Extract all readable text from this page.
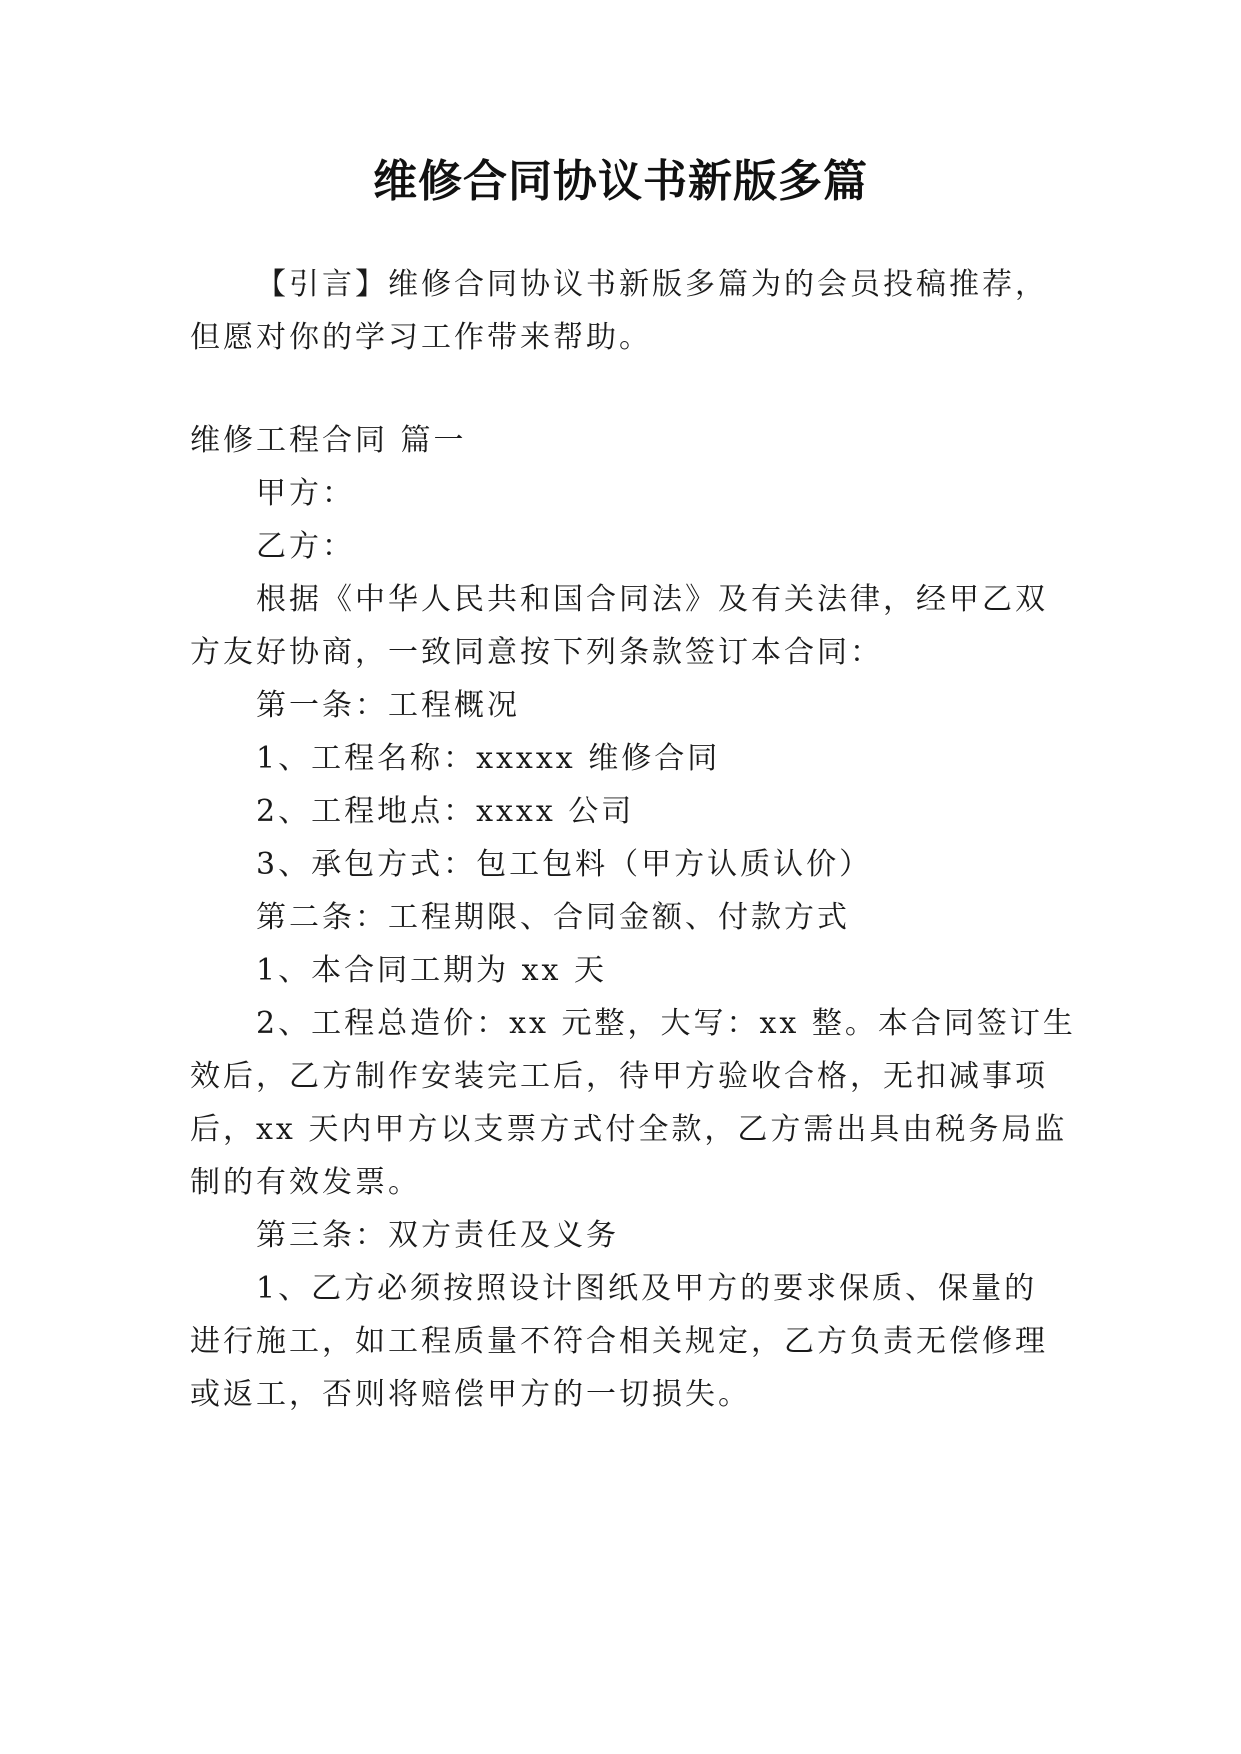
维修合同协议书新版多篇
【引言】维修合同协议书新版多篇为的会员投稿推荐，
但愿对你的学习工作带来帮助。
维修工程合同 篇一
甲方：
乙方：
根据《中华人民共和国合同法》及有关法律，经甲乙双
方友好协商，一致同意按下列条款签订本合同：
第一条：工程概况
1、工程名称：xxxxx 维修合同
2、工程地点：xxxx 公司
3、承包方式：包工包料（甲方认质认价）
第二条：工程期限、合同金额、付款方式
1、本合同工期为 xx 天
2、工程总造价：xx 元整，大写：xx 整。本合同签订生
效后，乙方制作安装完工后，待甲方验收合格，无扣减事项
后，xx 天内甲方以支票方式付全款，乙方需出具由税务局监
制的有效发票。
第三条：双方责任及义务
1、乙方必须按照设计图纸及甲方的要求保质、保量的
进行施工，如工程质量不符合相关规定，乙方负责无偿修理
或返工，否则将赔偿甲方的一切损失。
